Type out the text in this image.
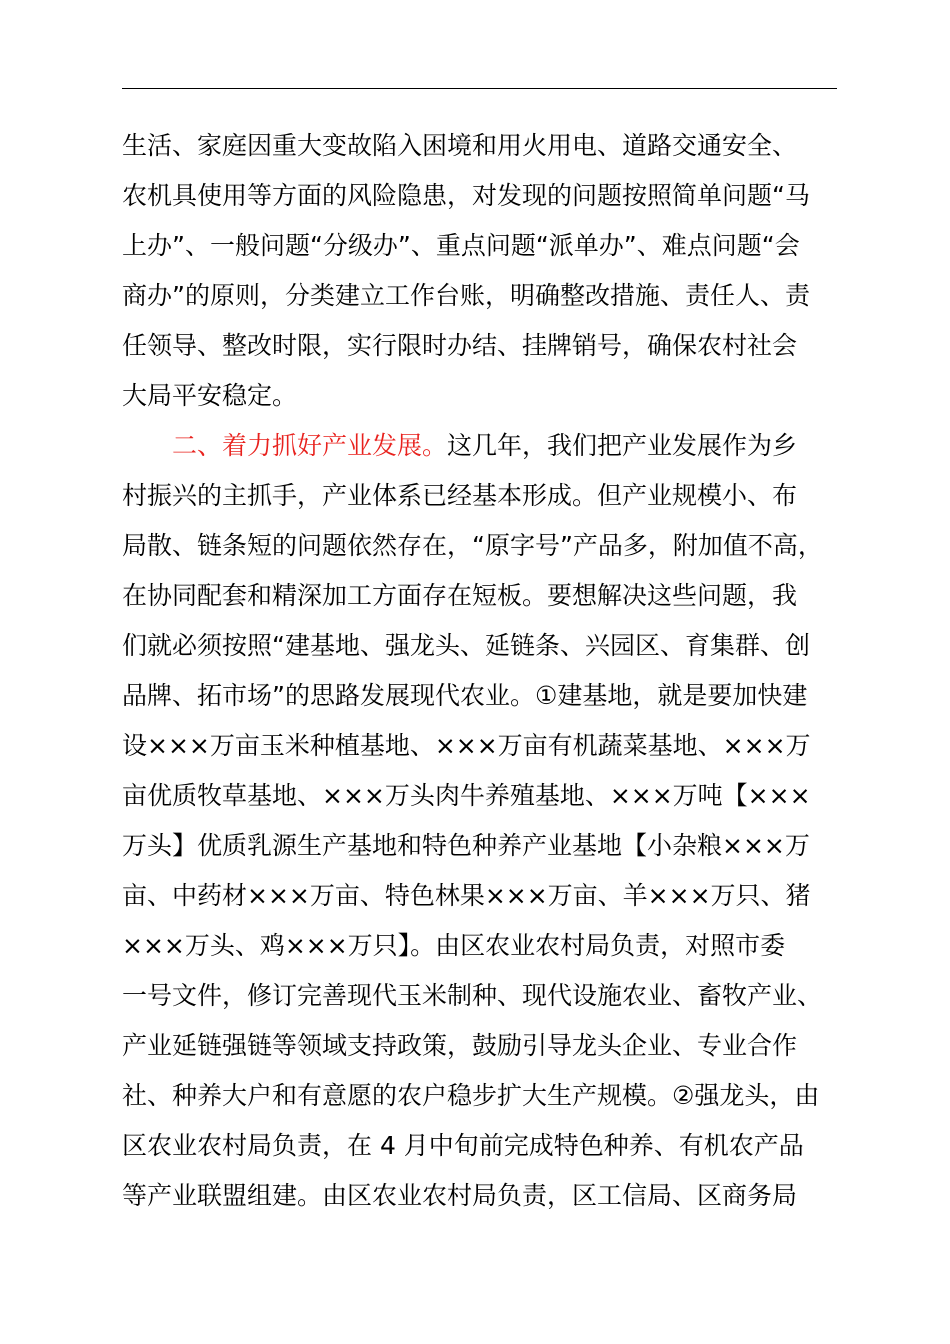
生活、家庭因重大变故陷入困境和用火用电、道路交通安全、
农机具使用等方面的风险隐患，对发现的问题按照简单问题“马
上办”、一般问题“分级办”、重点问题“派单办”、难点问题“会
商办”的原则，分类建立工作台账，明确整改措施、责任人、责
任领导、整改时限，实行限时办结、挂牌销号，确保农村社会
大局平安稳定。
二、着力抓好产业发展。这几年，我们把产业发展作为乡
村振兴的主抓手，产业体系已经基本形成。但产业规模小、布
局散、链条短的问题依然存在，“原字号”产品多，附加值不高，
在协同配套和精深加工方面存在短板。要想解决这些问题，我
们就必须按照“建基地、强龙头、延链条、兴园区、育集群、创
品牌、拓市场”的思路发展现代农业。①建基地，就是要加快建
设×××万亩玉米种植基地、×××万亩有机蔬菜基地、×××万
亩优质牧草基地、×××万头肉牛养殖基地、×××万吨【×××
万头】优质乳源生产基地和特色种养产业基地【小杂粮×××万
亩、中药材×××万亩、特色林果×××万亩、羊×××万只、猪
×××万头、鸡×××万只】。由区农业农村局负责，对照市委
一号文件，修订完善现代玉米制种、现代设施农业、畜牧产业、
产业延链强链等领域支持政策，鼓励引导龙头企业、专业合作
社、种养大户和有意愿的农户稳步扩大生产规模。②强龙头，由
区农业农村局负责，在 4 月中旬前完成特色种养、有机农产品
等产业联盟组建。由区农业农村局负责，区工信局、区商务局
